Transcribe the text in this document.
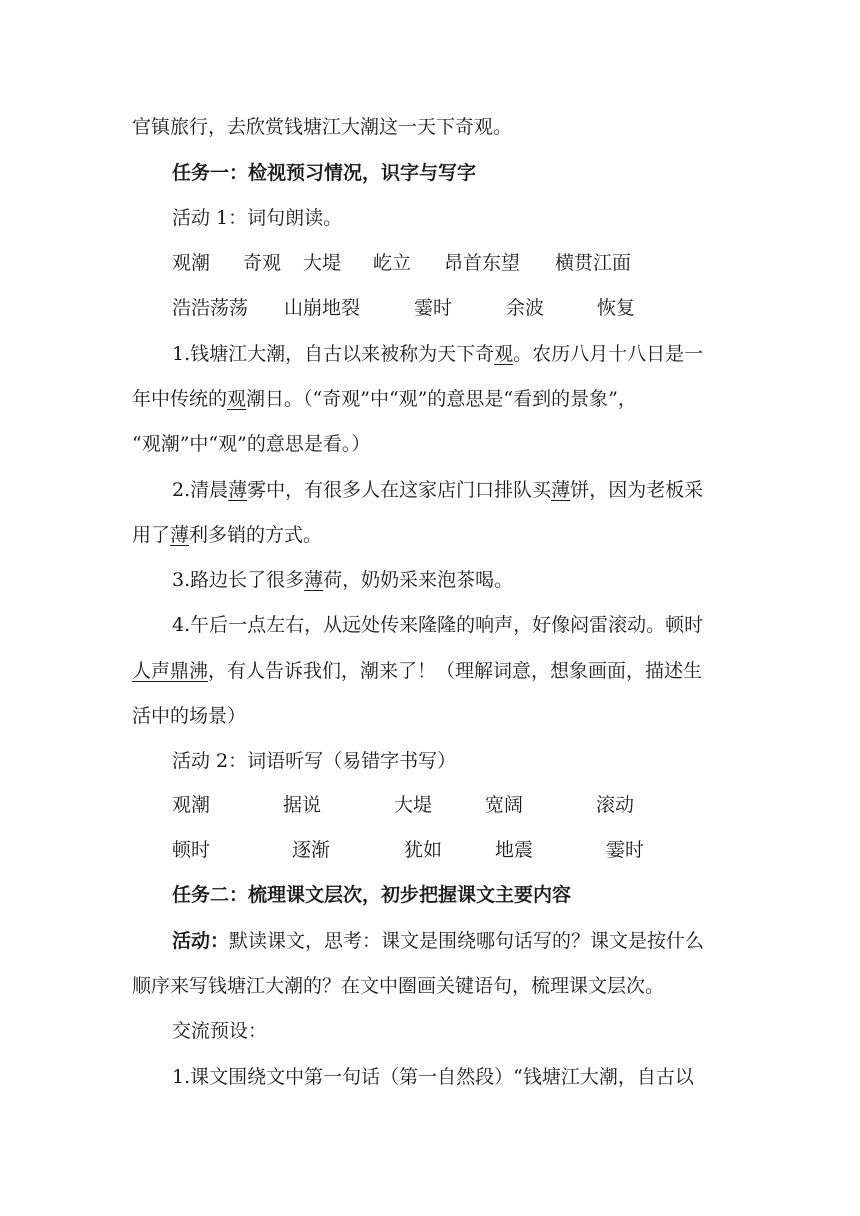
官镇旅行，去欣赏钱塘江大潮这一天下奇观。
任务一：检视预习情况，识字与写字
活动 1：词句朗读。
观潮 奇观 大堤 屹立 昂首东望 横贯江面
浩浩荡荡 山崩地裂	霎时	余波	恢复
1.钱塘江大潮，自古以来被称为天下奇观。农历八月十八日是一
年中传统的观潮日。（“奇观”中“观”的意思是“看到的景象”，
“观潮”中“观”的意思是看。）
2.清晨薄雾中，有很多人在这家店门口排队买薄饼，因为老板采
用了薄利多销的方式。
3.路边长了很多薄荷，奶奶采来泡茶喝。
4.午后一点左右，从远处传来隆隆的响声，好像闷雷滚动。顿时
人声鼎沸，有人告诉我们，潮来了！（理解词意，想象画面，描述生
活中的场景）
活动 2：词语听写（易错字书写）
观潮	据说	大堤	宽阔	滚动
顿时	逐渐	犹如	地震	霎时
任务二：梳理课文层次，初步把握课文主要内容
活动：默读课文，思考：课文是围绕哪句话写的？课文是按什么
顺序来写钱塘江大潮的？在文中圈画关键语句，梳理课文层次。
交流预设：
1.课文围绕文中第一句话（第一自然段）“钱塘江大潮，自古以
